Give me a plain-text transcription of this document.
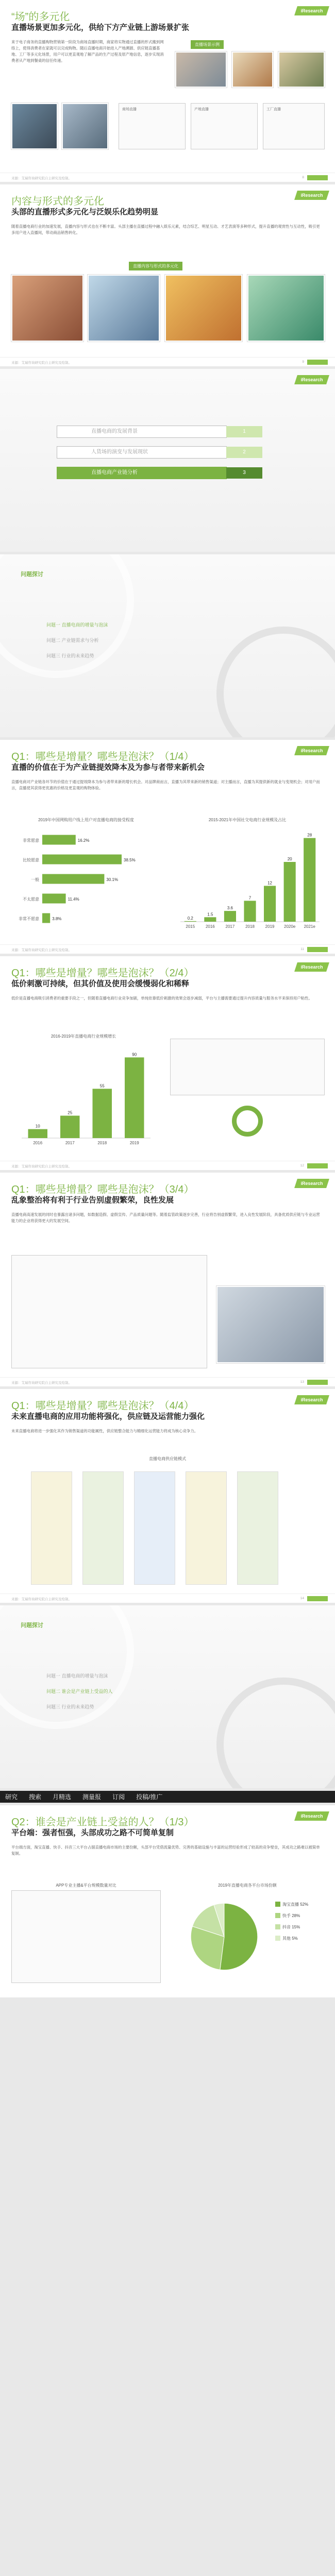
“场”的多元化
直播场景更加多元化，供给下方产业链上游场景扩张
iResearch
来于电子商务的直播购物营销第一阶段为商场直播时期，商家将实物通过直播的形式搬到网络上，使得消费者在家就可以完成购物。随后直播电商开始进入产地溯源、供应链直播基地、工厂等多元化场景，用户可以更直观地了解产品的生产过程及原产地信息，逐步实现消费者从产地到餐桌的信任传递。
直播场景示例
商场直播	产地直播	工厂直播
来源：艾瑞咨询研究院自主研究及绘制。	8
内容与形式的多元化
头部的直播形式多元化与泛娱乐化趋势明显
iResearch
随着直播电商行业的加速发展，直播内容与形式也在不断丰富。头部主播在直播过程中融入娱乐元素，结合综艺、明星互动、才艺表演等多种形式，提升直播的观赏性与互动性，吸引更多用户进入直播间，带动商品销售转化。
直播内容与形式的多元化
来源：艾瑞咨询研究院自主研究及绘制。	9
iResearch
直播电商的发展背景	1
人货场的演变与发展现状	2
直播电商产业链分析	3
问题探讨
问题一 直播电商的增量与泡沫
问题二 产业链需求与分析
问题三 行业的未来趋势
Q1：哪些是增量？哪些是泡沫？（1/4）
直播的价值在于为产业链提效降本及为参与者带来新机会
iResearch
直播电商对产业链各环节的价值在于通过提效降本为参与者带来新的增长机会。对品牌商而言，直播为其带来新的销售渠道；对主播而言，直播为其提供新的就业与变现机会；对用户而言，直播使其获得更优惠的价格及更直观的购物体验。
2019年中国网购用户线上用户对直播电商的接受程度
非常愿意	16.2%
比较愿意	38.5%
一般	30.1%
不太愿意	11.4%
非常不愿意	3.8%
2015-2021年中国社交电商行业规模及占比
2015
0.2
2016
1.5
2017
3.6
2018
7
2019
12
2020e
20
2021e
28
来源：艾瑞咨询研究院自主研究及绘制。	11
Q1：哪些是增量？哪些是泡沫？（2/4）
低价刺激可持续，但其价值及使用会缓慢弱化和稀释
iResearch
低价是直播电商吸引消费者的重要手段之一，但随着直播电商行业竞争加剧，单纯依靠低价刺激的效果会逐步减弱，平台与主播需要通过提升内容质量与服务水平来保持用户粘性。
2016-2019年直播电商行业规模增长
2016
10
2017
25
2018
55
2019
90
来源：艾瑞咨询研究院自主研究及绘制。	12
Q1：哪些是增量？哪些是泡沫？（3/4）
乱象整治将有利于行业告别虚假繁荣，良性发展
iResearch
直播电商高速发展的同时也暴露出诸多问题，如数据造假、虚假宣传、产品质量问题等。随着监管政策逐步完善，行业将告别虚假繁荣，进入良性发展阶段，具备优质供应链与专业运营能力的企业将获得更大的发展空间。
来源：艾瑞咨询研究院自主研究及绘制。	13
Q1：哪些是增量？哪些是泡沫？（4/4）
未来直播电商的应用功能将强化，供应链及运营能力强化
iResearch
未来直播电商将进一步强化其作为销售渠道的功能属性，供应链整合能力与精细化运营能力将成为核心竞争力。
直播电商供应链模式
来源：艾瑞咨询研究院自主研究及绘制。	14
问题探讨
问题一 直播电商的增量与泡沫
问题二 谁会是产业链上受益的人
问题三 行业的未来趋势
研究 搜索 月精选 测量报 订阅 投稿/推广
Q2：谁会是产业链上受益的人？（1/3）
平台端：强者恒强，头部成功之路不可简单复制
iResearch
平台端方面，淘宝直播、快手、抖音三大平台占据直播电商市场的主要份额，头部平台凭借流量优势、完善的基础设施与丰富的运营经验形成了较高的竞争壁垒，其成功之路难以被简单复制。
APP专业主播&平台规模数量对比	2019年直播电商各平台市场份额
淘宝直播 52%
快手 28%
抖音 15%
其他 5%
